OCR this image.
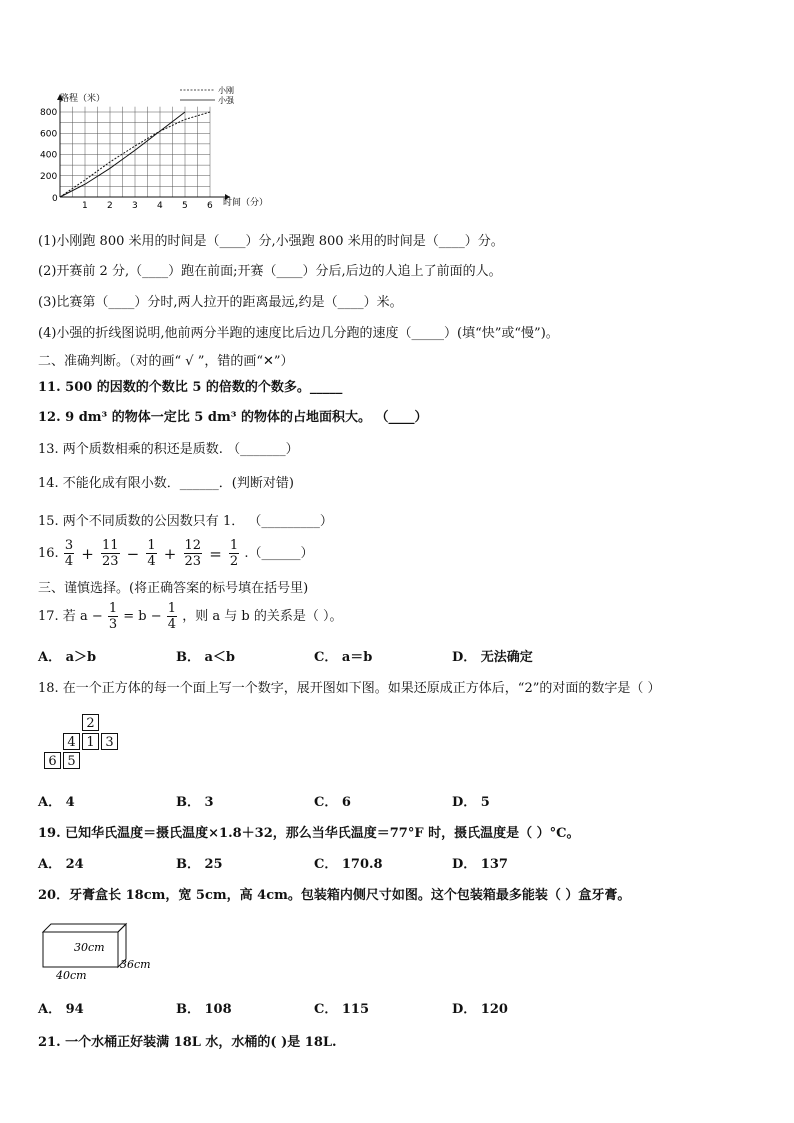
1 2 3 4 5 6
200
400
600
800
0
路程（米）
时间（分）
小刚
小强
(1)小刚跑 800 米用的时间是（____）分,小强跑 800 米用的时间是（____）分。
(2)开赛前 2 分,（____）跑在前面;开赛（____）分后,后边的人追上了前面的人。
(3)比赛第（____）分时,两人拉开的距离最远,约是（____）米。
(4)小强的折线图说明,他前两分半跑的速度比后边几分跑的速度（_____）(填“快”或“慢”)。
二、准确判断。（对的画“ √ ”，错的画“✕”）
11. 500 的因数的个数比 5 的倍数的个数多。_____
12. 9 dm³ 的物体一定比 5 dm³ 的物体的占地面积大。 （____）
13. 两个质数相乘的积还是质数. （_______）
14. 不能化成有限小数．______．(判断对错)
15. 两个不同质数的公因数只有 1． （_________）
16. $\frac{3}{4} + \frac{11}{23} - \frac{1}{4} + \frac{12}{23} = \frac{1}{2}$ .（______）
三、谨慎选择。(将正确答案的标号填在括号里)
17. 若 $a - \frac{1}{3} = b - \frac{1}{4}$ ，则 a 与 b 的关系是（ ）。
A． a＞b	B． a＜b	C． a＝b	D． 无法确定
18. 在一个正方体的每一个面上写一个数字，展开图如下图。如果还原成正方体后，“2”的对面的数字是（ ）
2
4 1 3
6 5
A． 4	B． 3	C． 6	D． 5
19. 已知华氏温度＝摄氏温度×1.8＋32，那么当华氏温度＝77°F 时，摄氏温度是（ ）°C。
A． 24	B． 25	C． 170.8	D． 137
20．牙膏盒长 18cm，宽 5cm，高 4cm。包装箱内侧尺寸如图。这个包装箱最多能装（ ）盒牙膏。
30cm
40cm
36cm
A． 94	B． 108	C． 115	D． 120
21. 一个水桶正好装满 18L 水，水桶的( )是 18L.
